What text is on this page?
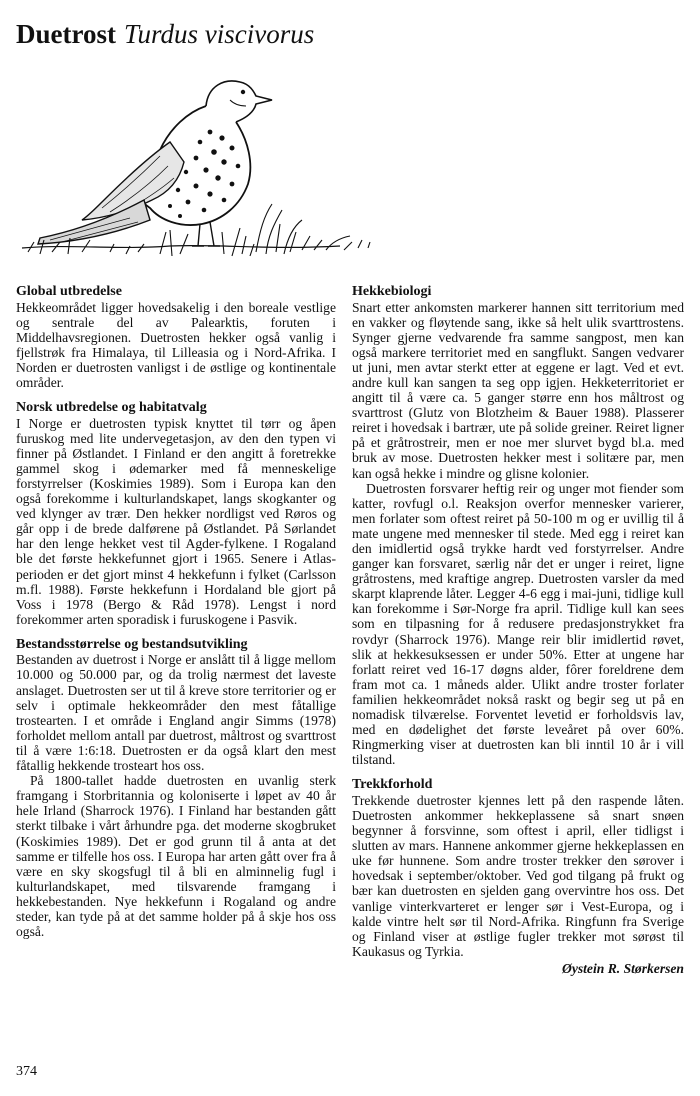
Duetrost Turdus viscivorus
Global utbredelse

Hekkeområdet ligger hovedsakelig i den boreale vestlige og sentrale del av Palearktis, foruten i Middelhavsregionen. Duetrosten hekker også vanlig i fjellstrøk fra Himalaya, til Lilleasia og i Nord-Afrika. I Norden er duetrosten vanligst i de østlige og kontinentale områder.

Norsk utbredelse og habitatvalg

I Norge er duetrosten typisk knyttet til tørr og åpen furuskog med lite undervegetasjon, av den den typen vi finner på Østlandet. I Finland er den angitt å foretrekke gammel skog i ødemarker med få menneskelige forstyrrelser (Koskimies 1989). Som i Europa kan den også forekomme i kulturlandskapet, langs skogkanter og ved klynger av trær. Den hekker nordligst ved Røros og går opp i de brede dalførene på Østlandet. På Sørlandet har den lenge hekket vest til Agder-fylkene. I Rogaland ble det første hekkefunnet gjort i 1965. Senere i Atlas-perioden er det gjort minst 4 hekkefunn i fylket (Carlsson m.fl. 1988). Første hekkefunn i Hordaland ble gjort på Voss i 1978 (Bergo & Råd 1978). Lengst i nord forekommer arten sporadisk i furuskogene i Pasvik.

Bestandsstørrelse og bestandsutvikling

Bestanden av duetrost i Norge er anslått til å ligge mellom 10.000 og 50.000 par, og da trolig nærmest det laveste anslaget. Duetrosten ser ut til å kreve store territorier og er selv i optimale hekkeområder den mest fåtallige trostearten. I et område i England angir Simms (1978) forholdet mellom antall par duetrost, måltrost og svarttrost til å være 1:6:18. Duetrosten er da også klart den mest fåtallig hekkende trosteart hos oss.

På 1800-tallet hadde duetrosten en uvanlig sterk framgang i Storbritannia og koloniserte i løpet av 40 år hele Irland (Sharrock 1976). I Finland har bestanden gått sterkt tilbake i vårt århundre pga. det moderne skogbruket (Koskimies 1989). Det er god grunn til å anta at det samme er tilfelle hos oss. I Europa har arten gått over fra å være en sky skogsfugl til å bli en alminnelig fugl i kulturlandskapet, med tilsvarende framgang i hekkebestanden. Nye hekkefunn i Rogaland og andre steder, kan tyde på at det samme holder på å skje hos oss også.

Hekkebiologi

Snart etter ankomsten markerer hannen sitt territorium med en vakker og fløytende sang, ikke så helt ulik svarttrostens. Synger gjerne vedvarende fra samme sangpost, men kan også markere territoriet med en sangflukt. Sangen vedvarer ut juni, men avtar sterkt etter at eggene er lagt. Ved et evt. andre kull kan sangen ta seg opp igjen. Hekketerritoriet er angitt til å være ca. 5 ganger større enn hos måltrost og svarttrost (Glutz von Blotzheim & Bauer 1988). Plasserer reiret i hovedsak i bartrær, ute på solide greiner. Reiret ligner på et gråtrostreir, men er noe mer slurvet bygd bl.a. med bruk av mose. Duetrosten hekker mest i solitære par, men kan også hekke i mindre og glisne kolonier.

Duetrosten forsvarer heftig reir og unger mot fiender som katter, rovfugl o.l. Reaksjon overfor mennesker varierer, men forlater som oftest reiret på 50-100 m og er uvillig til å mate ungene med mennesker til stede. Med egg i reiret kan den imidlertid også trykke hardt ved forstyrrelser. Andre ganger kan forsvaret, særlig når det er unger i reiret, ligne gråtrostens, med kraftige angrep. Duetrosten varsler da med skarpt klaprende låter. Legger 4-6 egg i mai-juni, tidlige kull kan forekomme i Sør-Norge fra april. Tidlige kull kan sees som en tilpasning for å redusere predasjonstrykket fra rovdyr (Sharrock 1976). Mange reir blir imidlertid røvet, slik at hekkesuksessen er under 50%. Etter at ungene har forlatt reiret ved 16-17 døgns alder, fôrer foreldrene dem fram mot ca. 1 måneds alder. Ulikt andre troster forlater familien hekkeområdet nokså raskt og begir seg ut på en nomadisk tilværelse. Forventet levetid er forholdsvis lav, med en dødelighet det første leveåret på over 60%. Ringmerking viser at duetrosten kan bli inntil 10 år i vill tilstand.

Trekkforhold

Trekkende duetroster kjennes lett på den raspende låten. Duetrosten ankommer hekkeplassene så snart snøen begynner å forsvinne, som oftest i april, eller tidligst i slutten av mars. Hannene ankommer gjerne hekkeplassen en uke før hunnene. Som andre troster trekker den sørover i hovedsak i september/oktober. Ved god tilgang på frukt og bær kan duetrosten en sjelden gang overvintre hos oss. Det vanlige vinterkvarteret er lenger sør i Vest-Europa, og i kalde vintre helt sør til Nord-Afrika. Ringfunn fra Sverige og Finland viser at østlige fugler trekker mot sørøst til Kaukasus og Tyrkia.

Øystein R. Størkersen
374
